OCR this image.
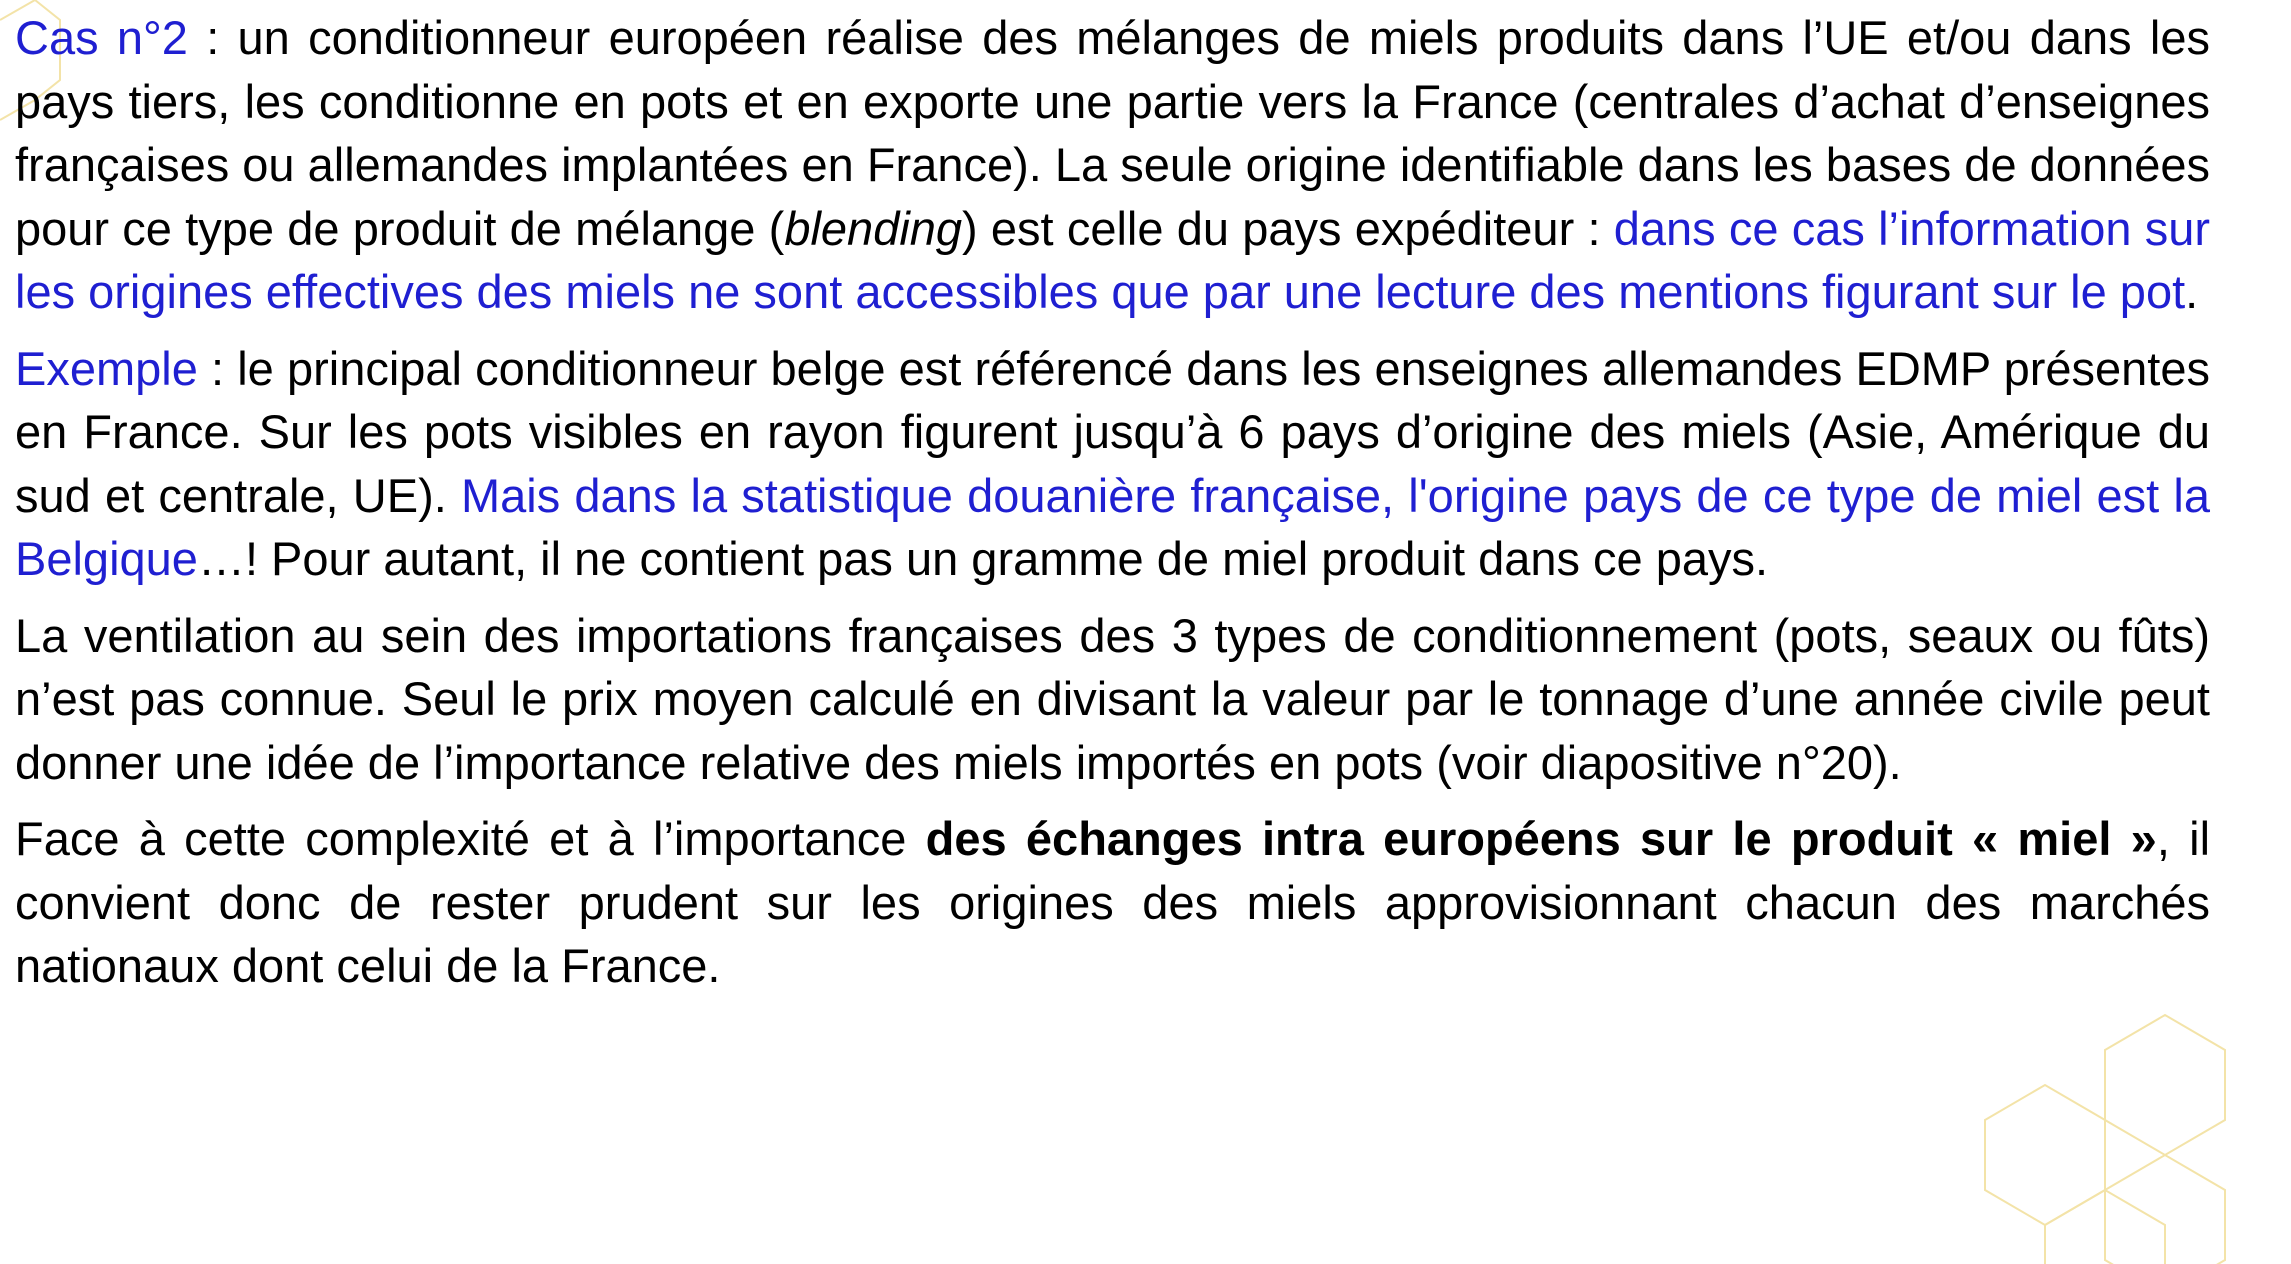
Cas n°2 : un conditionneur européen réalise des mélanges de miels produits dans l’UE et/ou dans les pays tiers, les conditionne en pots et en exporte une partie vers la France (centrales d’achat d’enseignes françaises ou allemandes implantées en France). La seule origine identifiable dans les bases de données pour ce type de produit de mélange (blending) est celle du pays expéditeur : dans ce cas l’information sur les origines effectives des miels ne sont accessibles que par une lecture des mentions figurant sur le pot.

Exemple : le principal conditionneur belge est référencé dans les enseignes allemandes EDMP présentes en France. Sur les pots visibles en rayon figurent jusqu’à 6 pays d’origine des miels (Asie, Amérique du sud et centrale, UE). Mais dans la statistique douanière française, l'origine pays de ce type de miel est la Belgique…! Pour autant, il ne contient pas un gramme de miel produit dans ce pays.

La ventilation au sein des importations françaises des 3 types de conditionnement (pots, seaux ou fûts) n’est pas connue. Seul le prix moyen calculé en divisant la valeur par le tonnage d’une année civile peut donner une idée de l’importance relative des miels importés en pots (voir diapositive n°20).

Face à cette complexité et à l’importance des échanges intra européens sur le produit « miel », il convient donc de rester prudent sur les origines des miels approvisionnant chacun des marchés nationaux dont celui de la France.
